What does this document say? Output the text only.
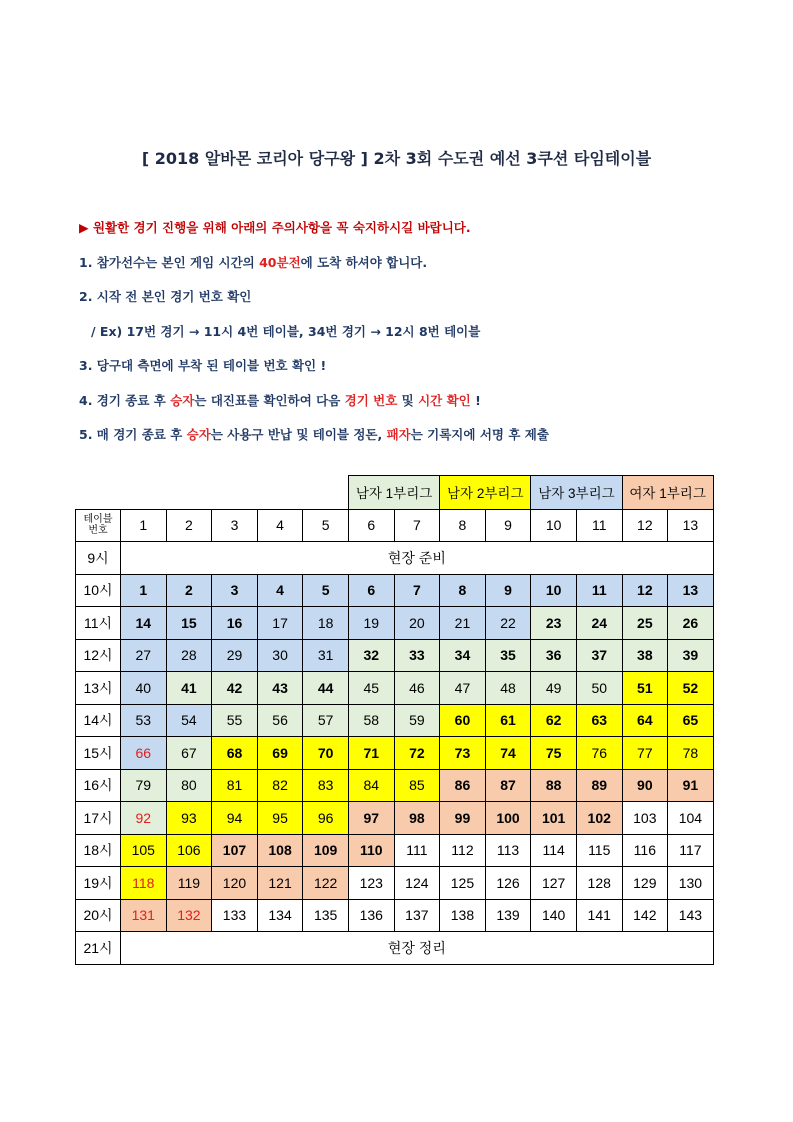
[ 2018 알바몬 코리아 당구왕 ] 2차 3회 수도권 예선 3쿠션 타임테이블
▶ 원활한 경기 진행을 위해 아래의 주의사항을 꼭 숙지하시길 바랍니다.
1. 참가선수는 본인 게임 시간의 40분전에 도착 하셔야 합니다.
2. 시작 전 본인 경기 번호 확인
/ Ex) 17번 경기 → 11시 4번 테이블, 34번 경기 → 12시 8번 테이블
3. 당구대 측면에 부착 된 테이블 번호 확인 !
4. 경기 종료 후 승자는 대진표를 확인하여 다음 경기 번호 및 시간 확인 !
5. 매 경기 종료 후 승자는 사용구 반납 및 테이블 정돈, 패자는 기록지에 서명 후 제출
						남자 1부리그		남자 2부리그		남자 3부리그		여자 1부리그	

테이블
번호	1	2	3	4	5	6	7	8	9	10	11	12	13
9시	현장 준비												
10시	1	2	3	4	5	6	7	8	9	10	11	12	13
11시	14	15	16	17	18	19	20	21	22	23	24	25	26
12시	27	28	29	30	31	32	33	34	35	36	37	38	39
13시	40	41	42	43	44	45	46	47	48	49	50	51	52
14시	53	54	55	56	57	58	59	60	61	62	63	64	65
15시	66	67	68	69	70	71	72	73	74	75	76	77	78
16시	79	80	81	82	83	84	85	86	87	88	89	90	91
17시	92	93	94	95	96	97	98	99	100	101	102	103	104
18시	105	106	107	108	109	110	111	112	113	114	115	116	117
19시	118	119	120	121	122	123	124	125	126	127	128	129	130
20시	131	132	133	134	135	136	137	138	139	140	141	142	143
21시	현장 정리												
